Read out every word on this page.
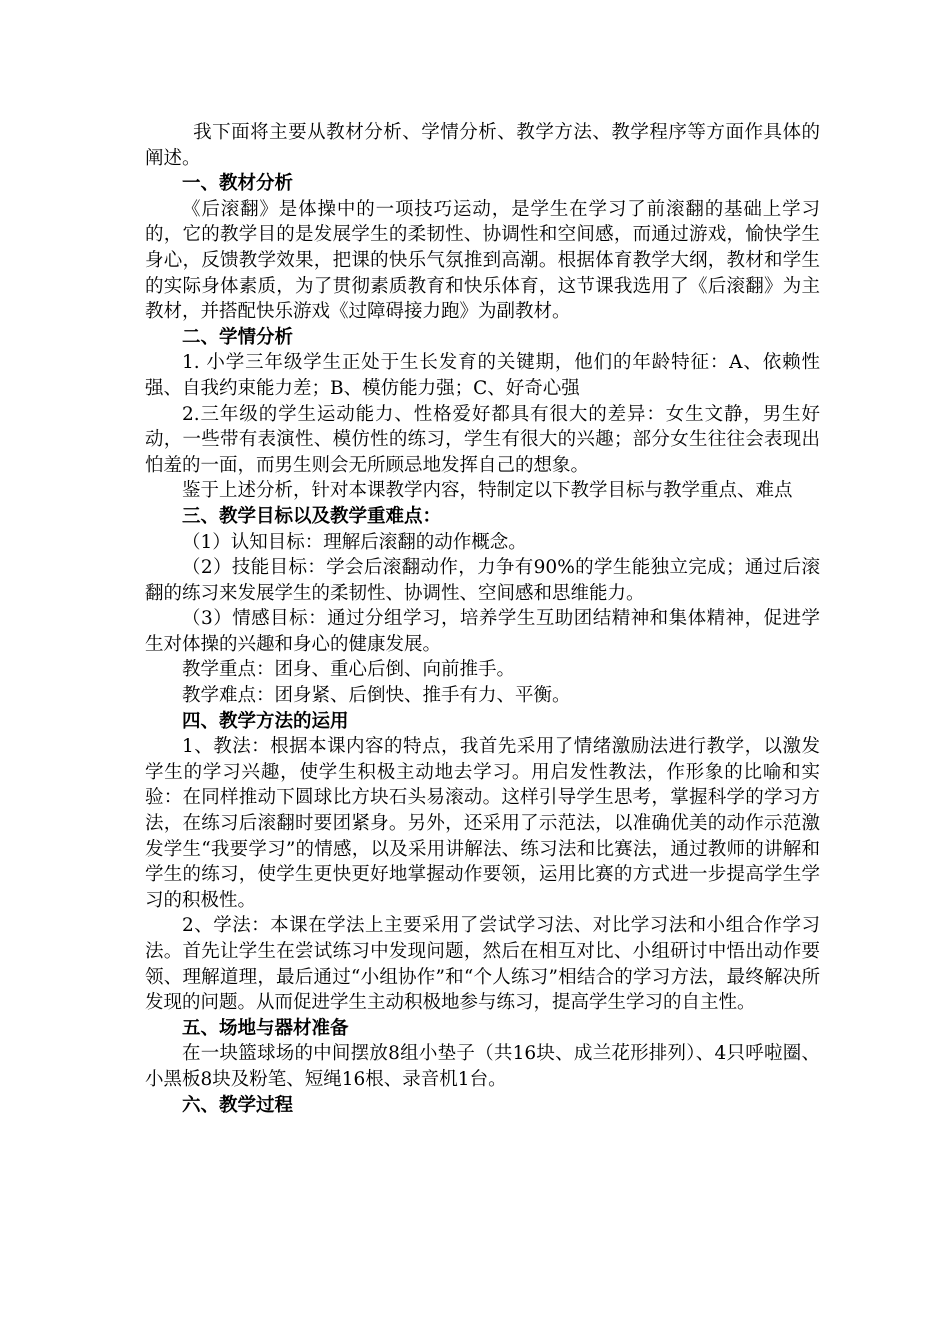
我下面将主要从教材分析、学情分析、教学方法、教学程序等方面作具体的阐述。

一、教材分析

《后滚翻》是体操中的一项技巧运动，是学生在学习了前滚翻的基础上学习的，它的教学目的是发展学生的柔韧性、协调性和空间感，而通过游戏，愉快学生身心，反馈教学效果，把课的快乐气氛推到高潮。根据体育教学大纲，教材和学生的实际身体素质，为了贯彻素质教育和快乐体育，这节课我选用了《后滚翻》为主教材，并搭配快乐游戏《过障碍接力跑》为副教材。

二、学情分析

1. 小学三年级学生正处于生长发育的关键期，他们的年龄特征：A、依赖性强、自我约束能力差；B、模仿能力强；C、好奇心强

2.三年级的学生运动能力、性格爱好都具有很大的差异：女生文静，男生好动，一些带有表演性、模仿性的练习，学生有很大的兴趣；部分女生往往会表现出怕羞的一面，而男生则会无所顾忌地发挥自己的想象。

鉴于上述分析，针对本课教学内容，特制定以下教学目标与教学重点、难点

三、教学目标以及教学重难点：

（1）认知目标：理解后滚翻的动作概念。

（2）技能目标：学会后滚翻动作，力争有90%的学生能独立完成；通过后滚翻的练习来发展学生的柔韧性、协调性、空间感和思维能力。

（3）情感目标：通过分组学习，培养学生互助团结精神和集体精神，促进学生对体操的兴趣和身心的健康发展。

教学重点：团身、重心后倒、向前推手。

教学难点：团身紧、后倒快、推手有力、平衡。

四、教学方法的运用

1、教法：根据本课内容的特点，我首先采用了情绪激励法进行教学，以激发学生的学习兴趣，使学生积极主动地去学习。用启发性教法，作形象的比喻和实验：在同样推动下圆球比方块石头易滚动。这样引导学生思考，掌握科学的学习方法，在练习后滚翻时要团紧身。另外，还采用了示范法，以准确优美的动作示范激发学生“我要学习”的情感，以及采用讲解法、练习法和比赛法，通过教师的讲解和学生的练习，使学生更快更好地掌握动作要领，运用比赛的方式进一步提高学生学习的积极性。

2、学法：本课在学法上主要采用了尝试学习法、对比学习法和小组合作学习法。首先让学生在尝试练习中发现问题，然后在相互对比、小组研讨中悟出动作要领、理解道理，最后通过“小组协作”和“个人练习”相结合的学习方法，最终解决所发现的问题。从而促进学生主动积极地参与练习，提高学生学习的自主性。

五、场地与器材准备

在一块篮球场的中间摆放8组小垫子（共16块、成兰花形排列）、4只呼啦圈、小黑板8块及粉笔、短绳16根、录音机1台。

六、教学过程
